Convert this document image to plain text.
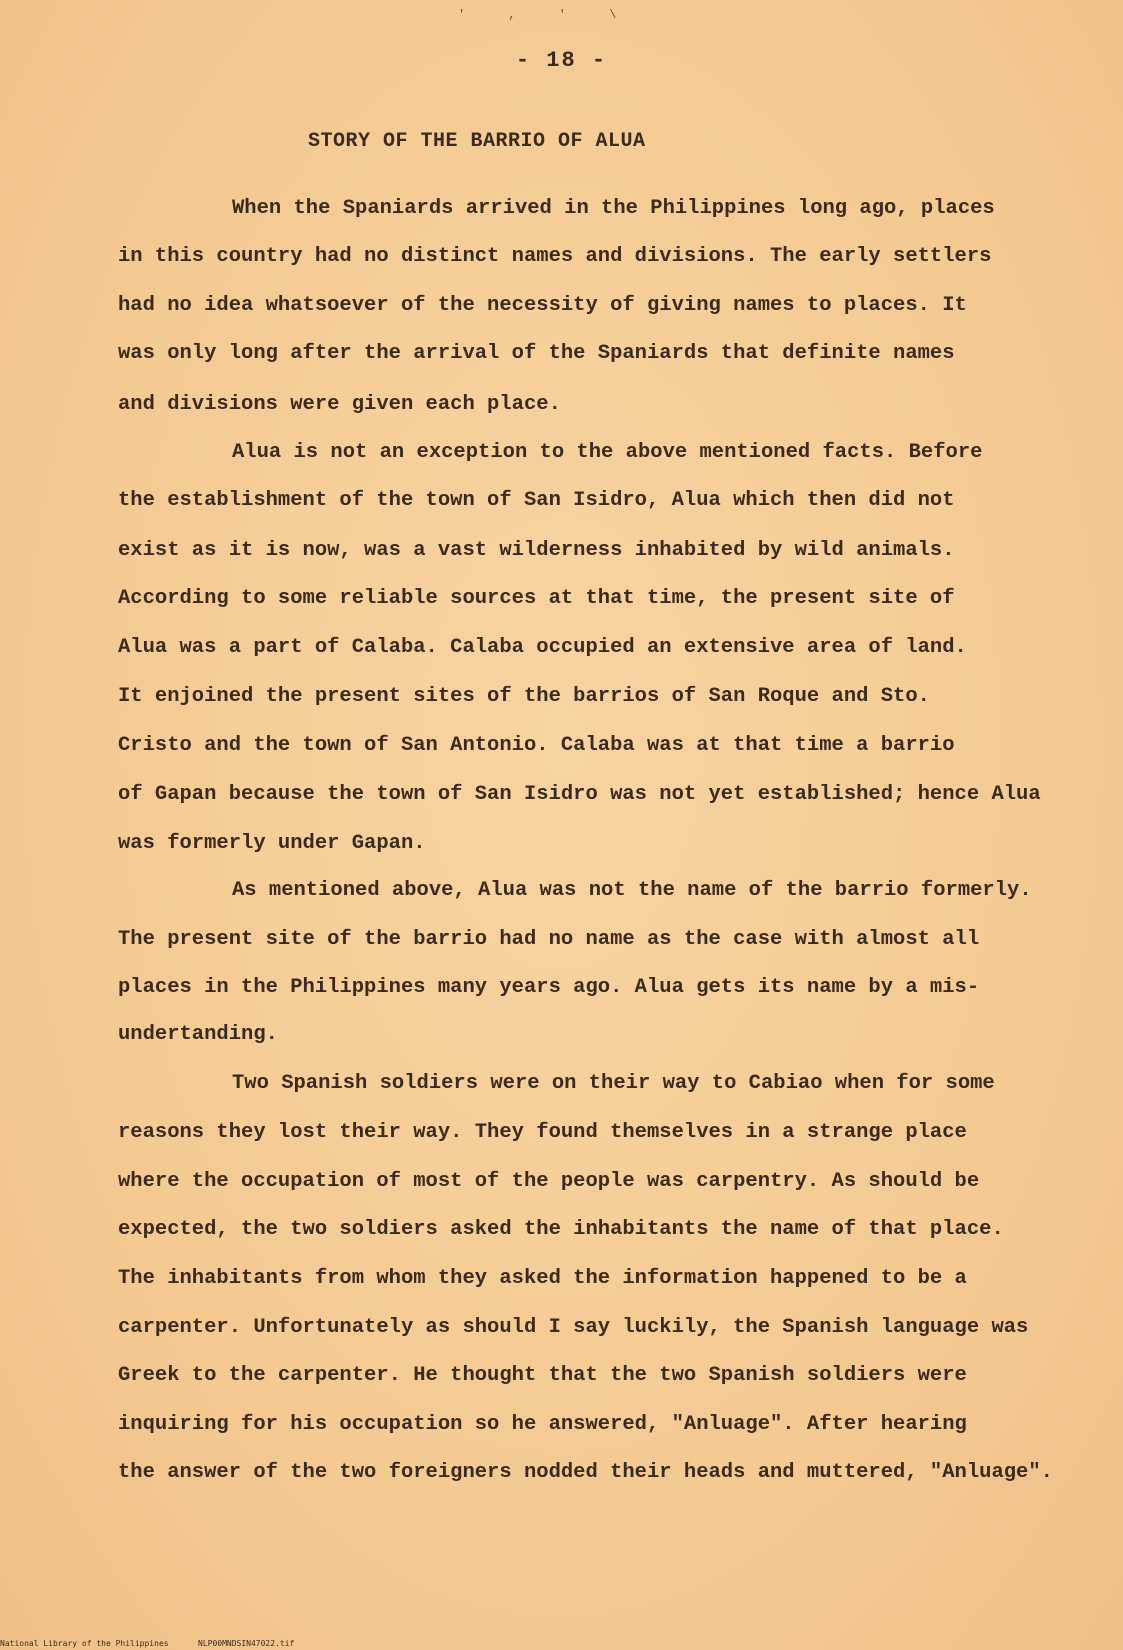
' , ' \
- 18 -
STORY OF THE BARRIO OF ALUA
When the Spaniards arrived in the Philippines long ago, places
in this country had no distinct names and divisions. The early settlers
had no idea whatsoever of the necessity of giving names to places. It
was only long after the arrival of the Spaniards that definite names
and divisions were given each place.
Alua is not an exception to the above mentioned facts. Before
the establishment of the town of San Isidro, Alua which then did not
exist as it is now, was a vast wilderness inhabited by wild animals.
According to some reliable sources at that time, the present site of
Alua was a part of Calaba. Calaba occupied an extensive area of land.
It enjoined the present sites of the barrios of San Roque and Sto.
Cristo and the town of San Antonio. Calaba was at that time a barrio
of Gapan because the town of San Isidro was not yet established; hence Alua
was formerly under Gapan.
As mentioned above, Alua was not the name of the barrio formerly.
The present site of the barrio had no name as the case with almost all
places in the Philippines many years ago. Alua gets its name by a mis-
undertanding.
Two Spanish soldiers were on their way to Cabiao when for some
reasons they lost their way. They found themselves in a strange place
where the occupation of most of the people was carpentry. As should be
expected, the two soldiers asked the inhabitants the name of that place.
The inhabitants from whom they asked the information happened to be a
carpenter. Unfortunately as should I say luckily, the Spanish language was
Greek to the carpenter. He thought that the two Spanish soldiers were
inquiring for his occupation so he answered, "Anluage". After hearing
the answer of the two foreigners nodded their heads and muttered, "Anluage".
National Library of the Philippines	NLP00MNDSIN47022.tif
